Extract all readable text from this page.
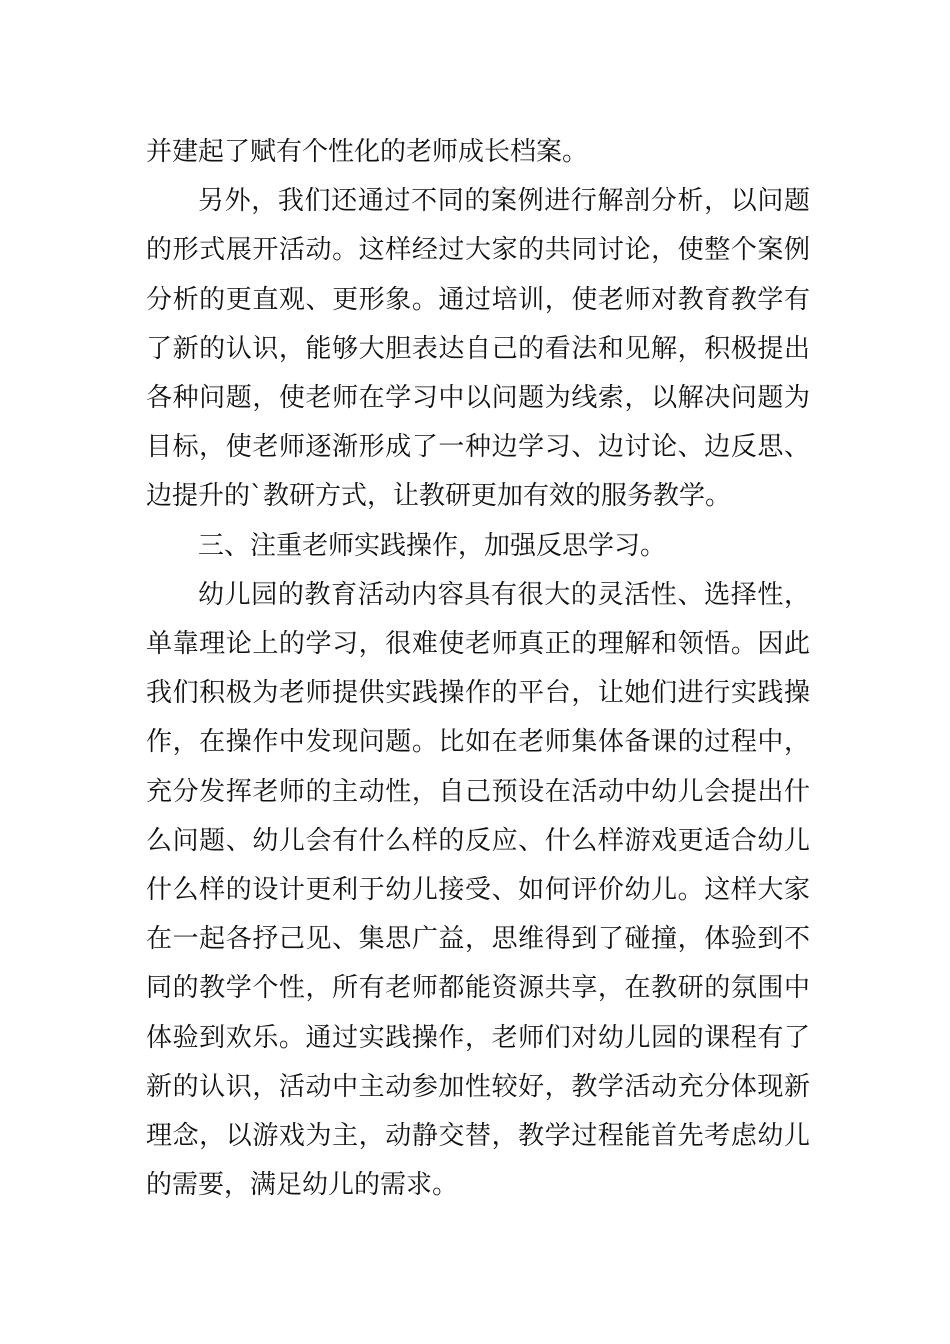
并建起了赋有个性化的老师成长档案。

另外，我们还通过不同的案例进行解剖分析，以问题的形式展开活动。这样经过大家的共同讨论，使整个案例分析的更直观、更形象。通过培训，使老师对教育教学有了新的认识，能够大胆表达自己的看法和见解，积极提出各种问题，使老师在学习中以问题为线索，以解决问题为目标，使老师逐渐形成了一种边学习、边讨论、边反思、边提升的`教研方式，让教研更加有效的服务教学。

三、注重老师实践操作，加强反思学习。

幼儿园的教育活动内容具有很大的灵活性、选择性，单靠理论上的学习，很难使老师真正的理解和领悟。因此我们积极为老师提供实践操作的平台，让她们进行实践操作，在操作中发现问题。比如在老师集体备课的过程中，充分发挥老师的主动性，自己预设在活动中幼儿会提出什么问题、幼儿会有什么样的反应、什么样游戏更适合幼儿什么样的设计更利于幼儿接受、如何评价幼儿。这样大家在一起各抒己见、集思广益，思维得到了碰撞，体验到不同的教学个性，所有老师都能资源共享，在教研的氛围中体验到欢乐。通过实践操作，老师们对幼儿园的课程有了新的认识，活动中主动参加性较好，教学活动充分体现新理念，以游戏为主，动静交替，教学过程能首先考虑幼儿的需要，满足幼儿的需求。
